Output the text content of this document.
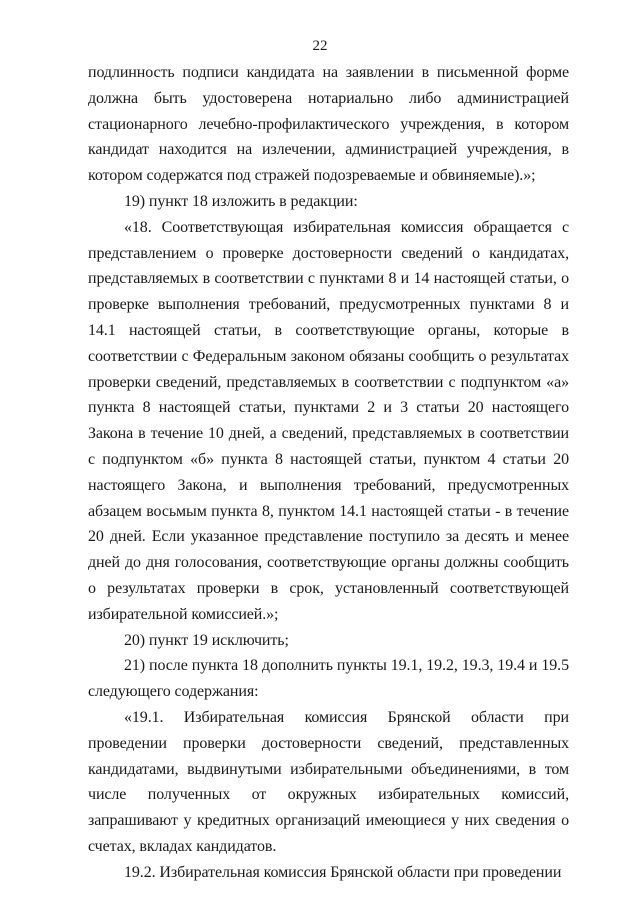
22

подлинность подписи кандидата на заявлении в письменной форме должна быть удостоверена нотариально либо администрацией стационарного лечебно-профилактического учреждения, в котором кандидат находится на излечении, администрацией учреждения, в котором содержатся под стражей подозреваемые и обвиняемые).»;

19) пункт 18 изложить в редакции:

«18. Соответствующая избирательная комиссия обращается с представлением о проверке достоверности сведений о кандидатах, представляемых в соответствии с пунктами 8 и 14 настоящей статьи, о проверке выполнения требований, предусмотренных пунктами 8 и 14.1 настоящей статьи, в соответствующие органы, которые в соответствии с Федеральным законом обязаны сообщить о результатах проверки сведений, представляемых в соответствии с подпунктом «а» пункта 8 настоящей статьи, пунктами 2 и 3 статьи 20 настоящего Закона в течение 10 дней, а сведений, представляемых в соответствии с подпунктом «б» пункта 8 настоящей статьи, пунктом 4 статьи 20 настоящего Закона, и выполнения требований, предусмотренных абзацем восьмым пункта 8, пунктом 14.1 настоящей статьи - в течение 20 дней. Если указанное представление поступило за десять и менее дней до дня голосования, соответствующие органы должны сообщить о результатах проверки в срок, установленный соответствующей избирательной комиссией.»;

20) пункт 19 исключить;

21) после пункта 18 дополнить пункты 19.1, 19.2, 19.3, 19.4 и 19.5 следующего содержания:

«19.1. Избирательная комиссия Брянской области при проведении проверки достоверности сведений, представленных кандидатами, выдвинутыми избирательными объединениями, в том числе полученных от окружных избирательных комиссий, запрашивают у кредитных организаций имеющиеся у них сведения о счетах, вкладах кандидатов.

19.2. Избирательная комиссия Брянской области при проведении
